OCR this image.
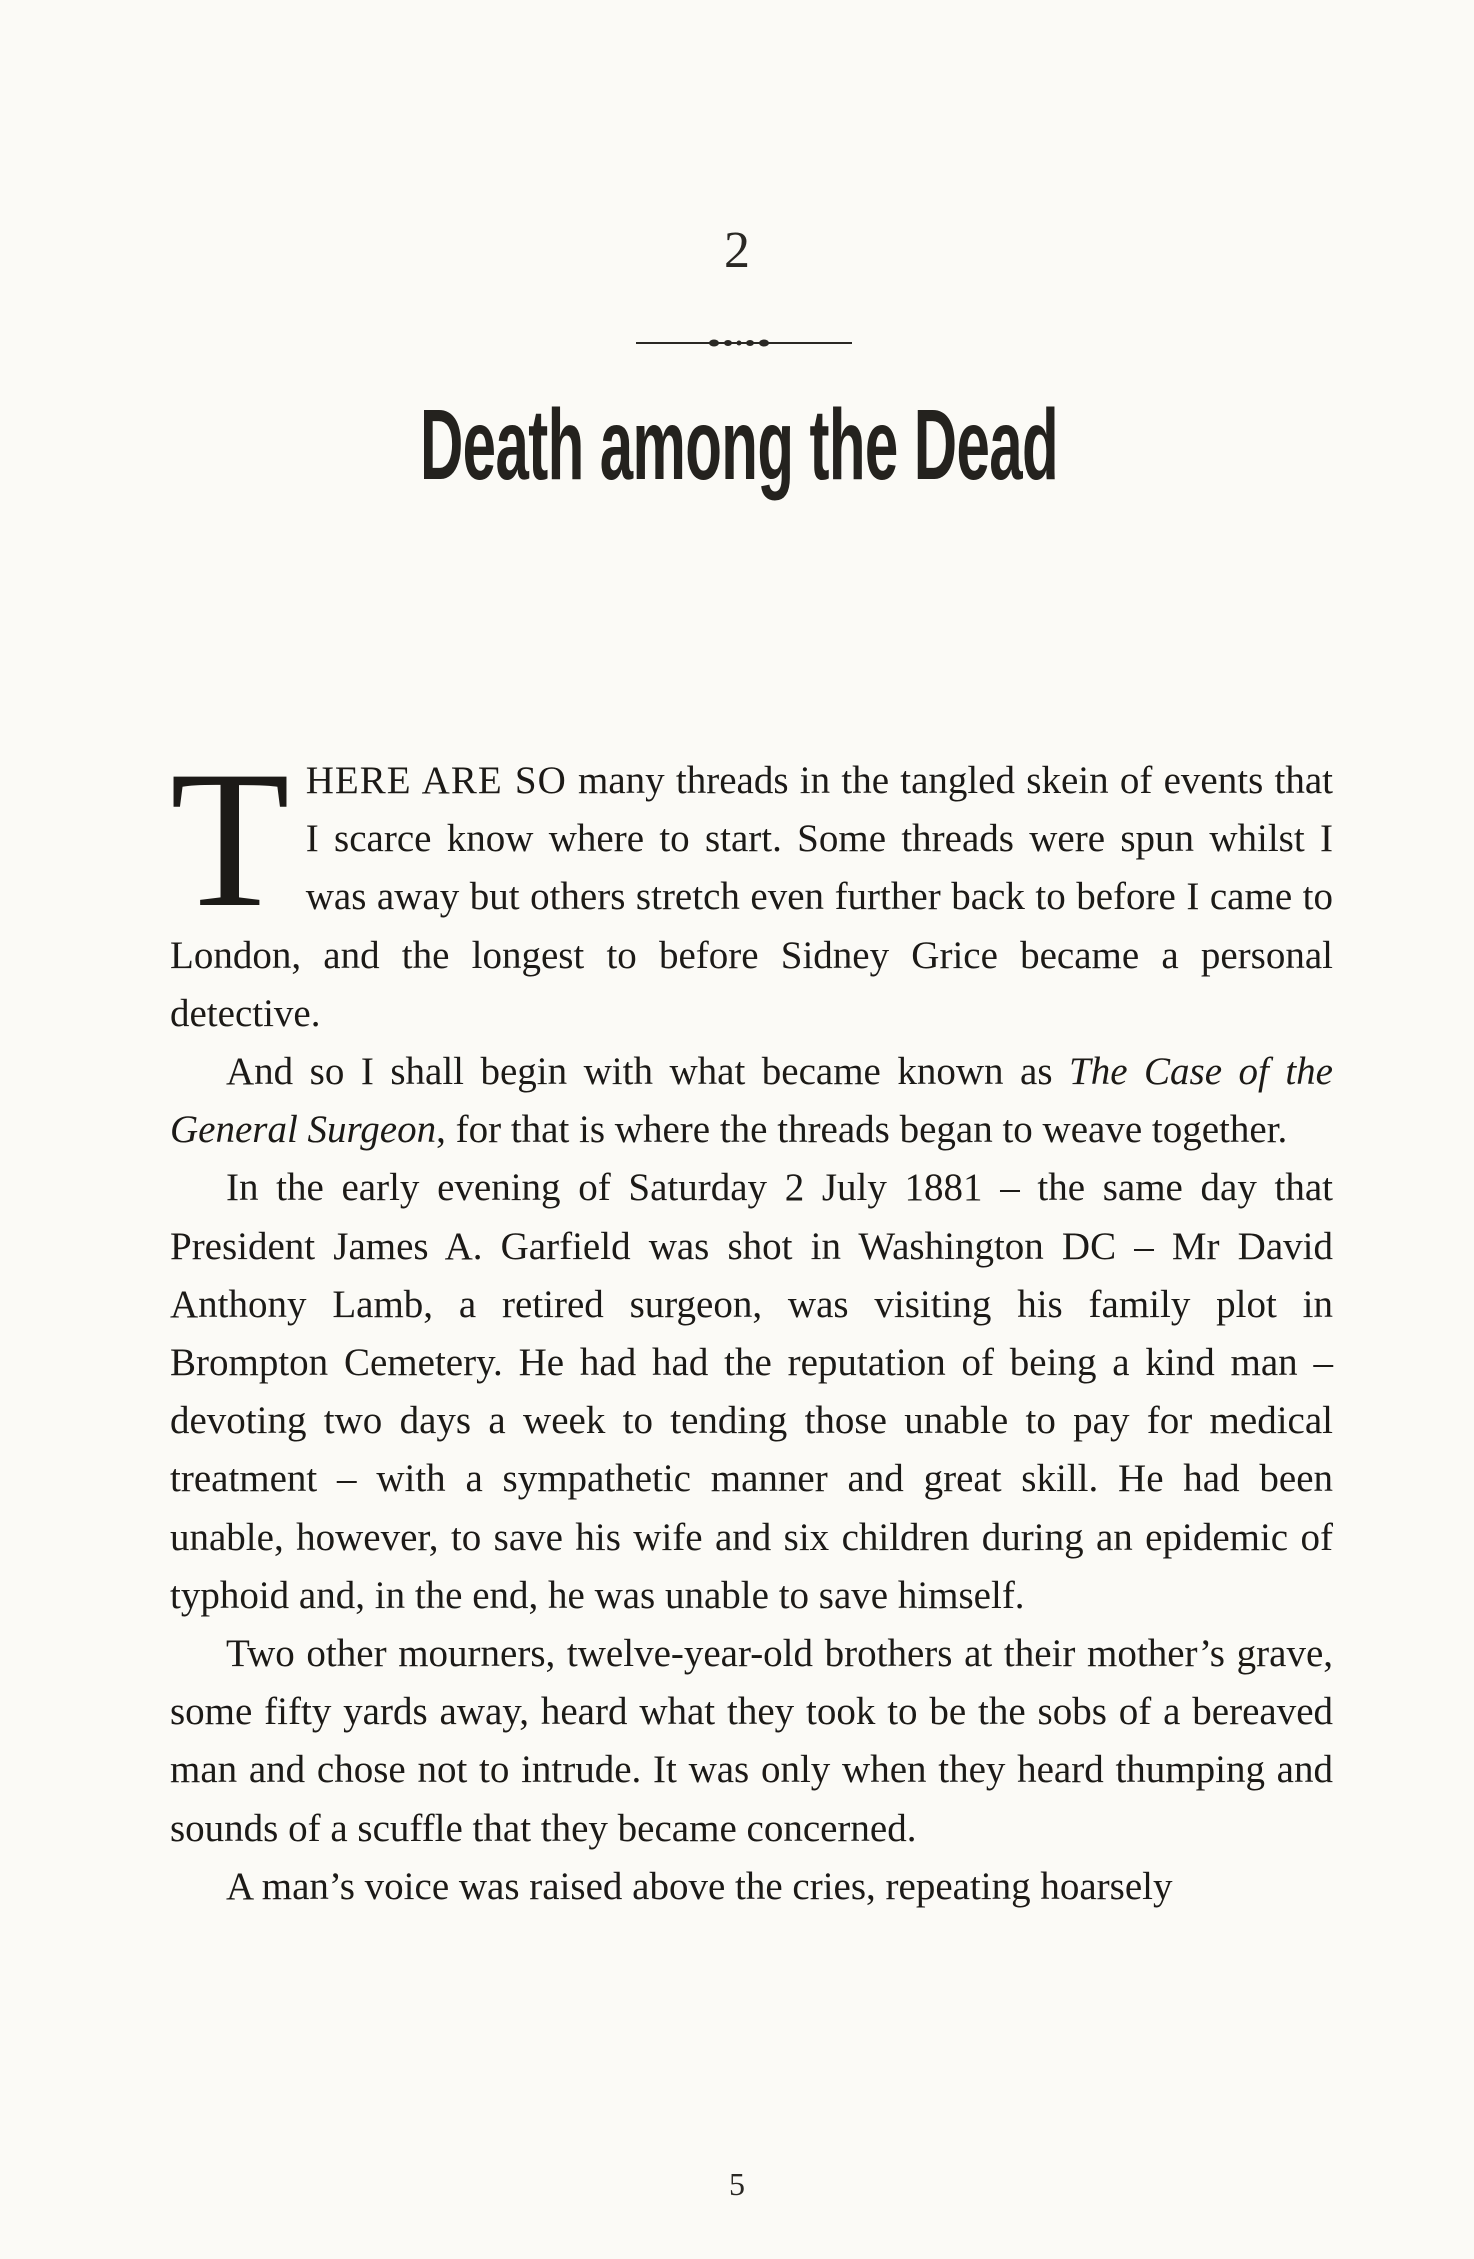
2
Death among the Dead

THERE ARE SO many threads in the tangled skein of events that I scarce know where to start. Some threads were spun whilst I was away but others stretch even further back to before I came to London, and the longest to before Sidney Grice became a personal detective.

And so I shall begin with what became known as The Case of the General Surgeon, for that is where the threads began to weave together.

In the early evening of Saturday 2 July 1881 – the same day that President James A. Garfield was shot in Washington DC – Mr David Anthony Lamb, a retired surgeon, was visiting his family plot in Brompton Cemetery. He had had the reputation of being a kind man – devoting two days a week to tending those unable to pay for medical treatment – with a sympathetic manner and great skill. He had been unable, however, to save his wife and six children during an epidemic of typhoid and, in the end, he was unable to save himself.

Two other mourners, twelve-year-old brothers at their mother’s grave, some fifty yards away, heard what they took to be the sobs of a bereaved man and chose not to intrude. It was only when they heard thumping and sounds of a scuffle that they became concerned.

A man’s voice was raised above the cries, repeating hoarsely

5
